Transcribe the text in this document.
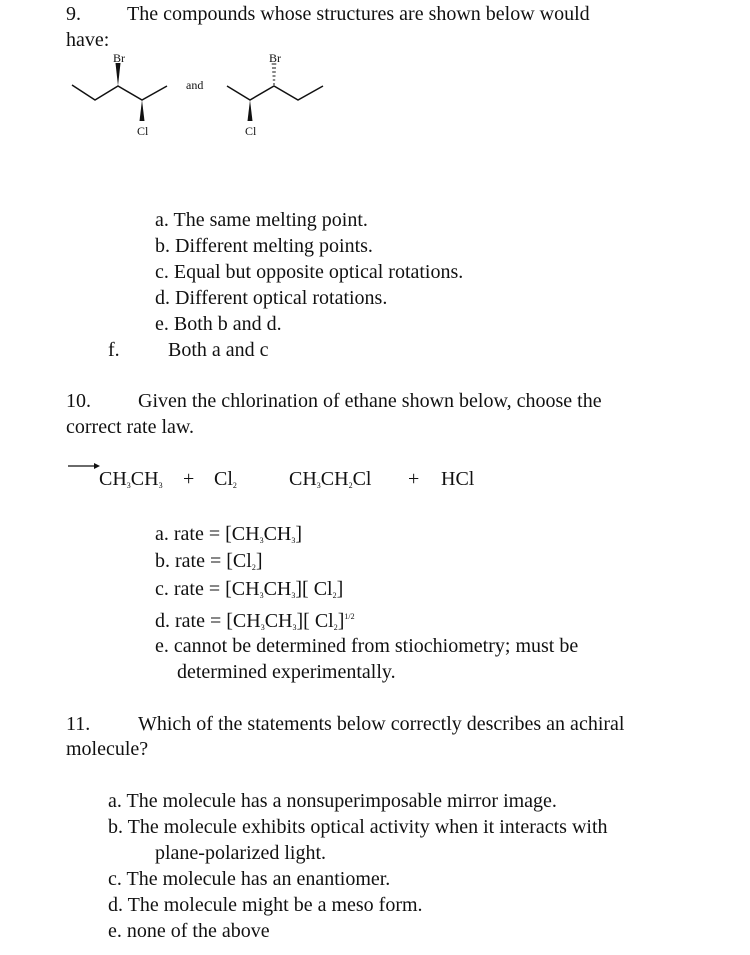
9. The compounds whose structures are shown below would
have:
Br
Cl
and
Br
Cl
a. The same melting point.
b. Different melting points.
c. Equal but opposite optical rotations.
d. Different optical rotations.
e. Both b and d.
f. Both a and c
10. Given the chlorination of ethane shown below, choose the
correct rate law.
$CH_3CH_3 + Cl_2$	$CH_3CH_2Cl$ + HCl
a. rate = $[CH_3CH_3]$
b. rate = $[Cl_2]$
c. rate = $[CH_3CH_3]$[ $Cl_2$]
d. rate = $[CH_3CH_3]$[ $Cl_2]^{1/2}$
e. cannot be determined from stiochiometry; must be
determined experimentally.
11. Which of the statements below correctly describes an achiral
molecule?
a. The molecule has a nonsuperimposable mirror image.
b. The molecule exhibits optical activity when it interacts with
plane-polarized light.
c. The molecule has an enantiomer.
d. The molecule might be a meso form.
e. none of the above
